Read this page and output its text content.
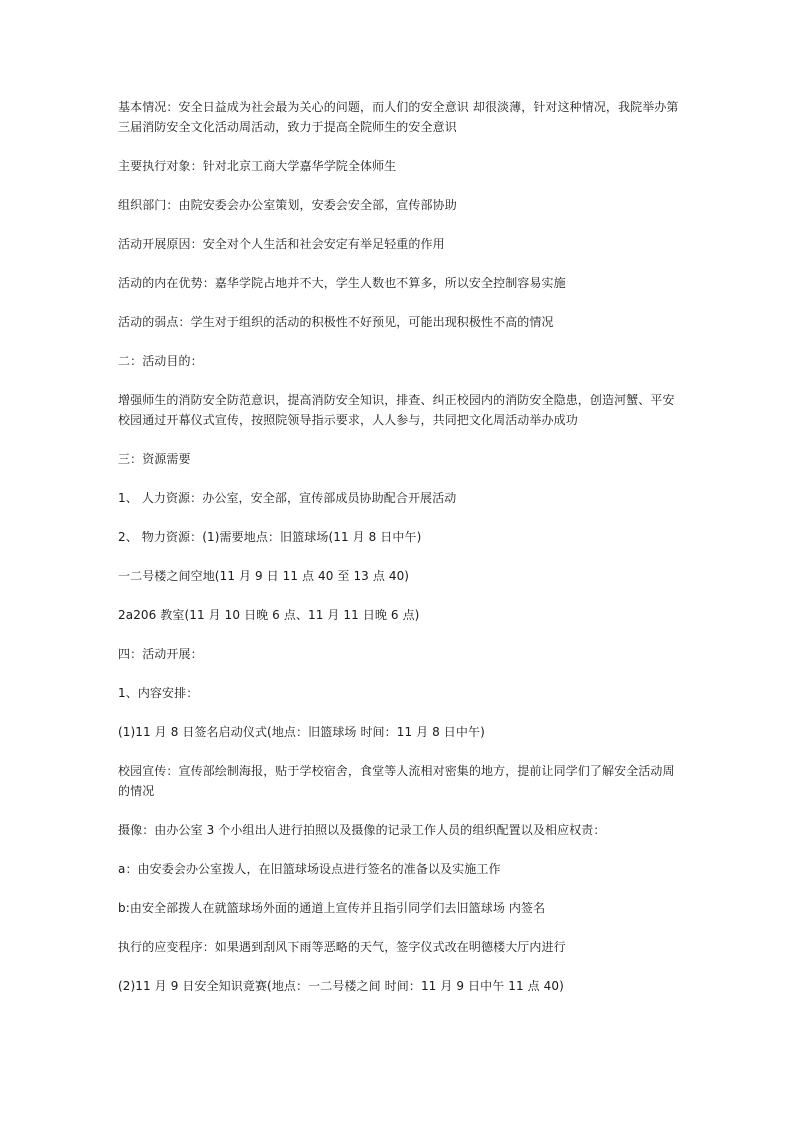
基本情况：安全日益成为社会最为关心的问题，而人们的安全意识 却很淡薄，针对这种情况，我院举办第三届消防安全文化活动周活动，致力于提高全院师生的安全意识

主要执行对象：针对北京工商大学嘉华学院全体师生

组织部门：由院安委会办公室策划，安委会安全部，宣传部协助

活动开展原因：安全对个人生活和社会安定有举足轻重的作用

活动的内在优势：嘉华学院占地并不大，学生人数也不算多，所以安全控制容易实施

活动的弱点：学生对于组织的活动的积极性不好预见，可能出现积极性不高的情况

二：活动目的：

增强师生的消防安全防范意识，提高消防安全知识，排查、纠正校园内的消防安全隐患，创造河蟹、平安校园通过开幕仪式宣传，按照院领导指示要求，人人参与，共同把文化周活动举办成功

三：资源需要

1、 人力资源：办公室，安全部，宣传部成员协助配合开展活动

2、 物力资源：(1)需要地点：旧篮球场(11 月 8 日中午)

一二号楼之间空地(11 月 9 日 11 点 40 至 13 点 40)

2a206 教室(11 月 10 日晚 6 点、11 月 11 日晚 6 点)

四：活动开展：

1、内容安排：

(1)11 月 8 日签名启动仪式(地点：旧篮球场 时间：11 月 8 日中午)

校园宣传：宣传部绘制海报，贴于学校宿舍，食堂等人流相对密集的地方，提前让同学们了解安全活动周的情况

摄像：由办公室 3 个小组出人进行拍照以及摄像的记录工作人员的组织配置以及相应权责：

a：由安委会办公室拨人，在旧篮球场设点进行签名的准备以及实施工作

b:由安全部拨人在就篮球场外面的通道上宣传并且指引同学们去旧篮球场 内签名

执行的应变程序：如果遇到刮风下雨等恶略的天气，签字仪式改在明德楼大厅内进行

(2)11 月 9 日安全知识竟赛(地点：一二号楼之间 时间：11 月 9 日中午 11 点 40)
